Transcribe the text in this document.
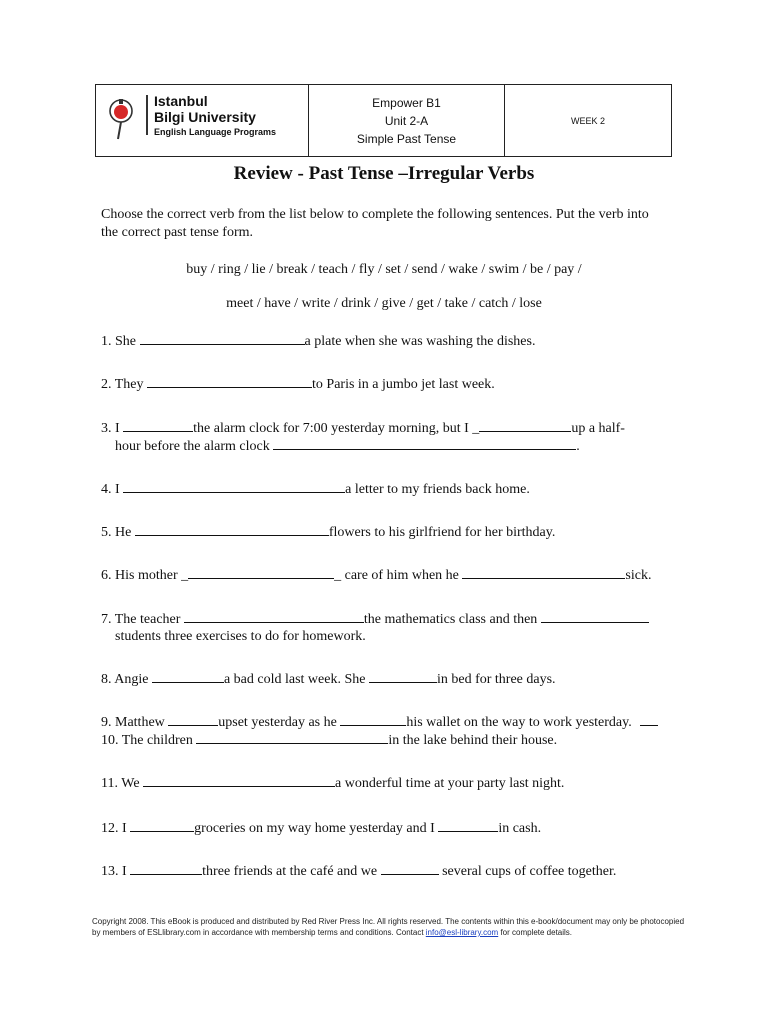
Istanbul
Bilgi University
English Language Programs
Empower B1
Unit 2-A
Simple Past Tense
WEEK 2
Review - Past Tense –Irregular Verbs
Choose the correct verb from the list below to complete the following sentences. Put the verb into the correct past tense form.
buy / ring / lie / break / teach / fly / set / send / wake / swim / be / pay /
meet / have / write / drink / give / get / take / catch / lose
1. She	a plate when she was washing the dishes.
2. They	to Paris in a jumbo jet last week.
3. I	the alarm clock for 7:00 yesterday morning, but I _	up a half-
hour before the alarm clock	.
4. I	a letter to my friends back home.
5. He	flowers to his girlfriend for her birthday.
6. His mother _	_ care of him when he	sick.
7. The teacher	the mathematics class and then
students three exercises to do for homework.
8. Angie	a bad cold last week. She	in bed for three days.
9. Matthew	upset yesterday as he	his wallet on the way to work yesterday.
10. The children	in the lake behind their house.
11. We	a wonderful time at your party last night.
12. I	groceries on my way home yesterday and I	in cash.
13. I	three friends at the café and we	several cups of coffee together.
Copyright 2008. This eBook is produced and distributed by Red River Press Inc. All rights reserved. The contents within this e-book/document may only be photocopied by members of ESLlibrary.com in accordance with membership terms and conditions. Contact info@esl-library.com for complete details.
